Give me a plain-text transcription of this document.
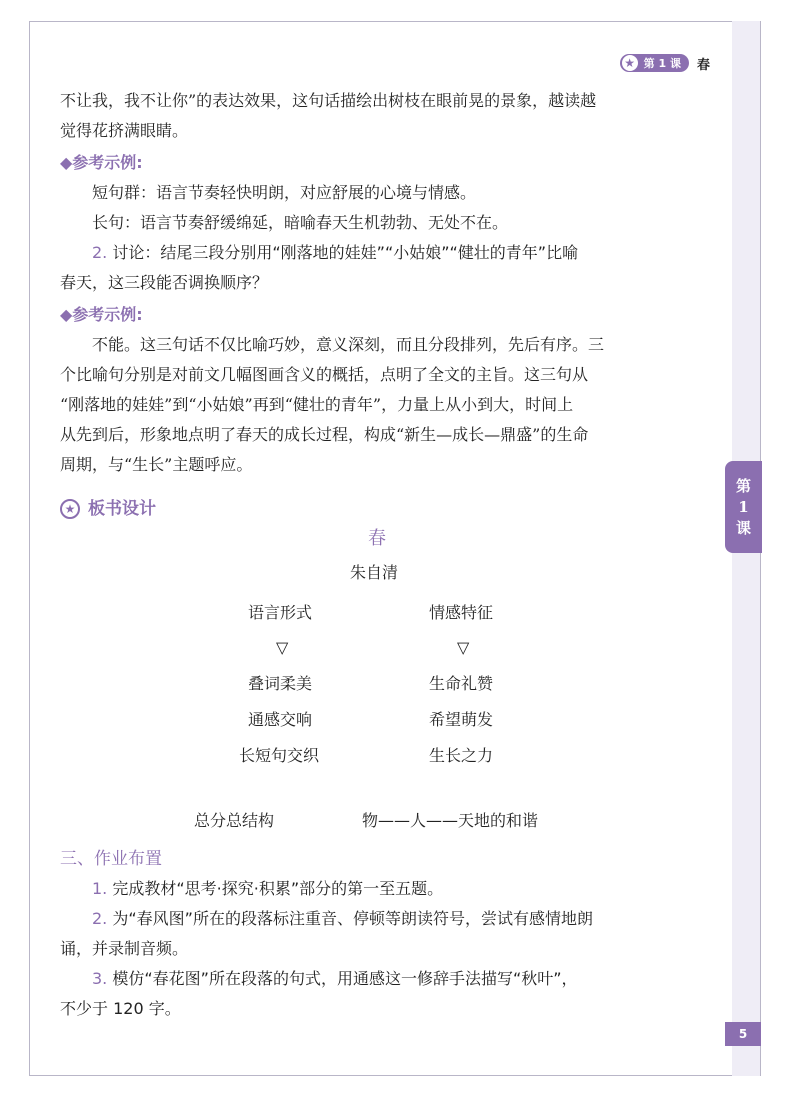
★ 第 1 课 春

不让我，我不让你”的表达效果，这句话描绘出树枝在眼前晃的景象，越读越

觉得花挤满眼睛。

◆参考示例:

短句群：语言节奏轻快明朗，对应舒展的心境与情感。

长句：语言节奏舒缓绵延，暗喻春天生机勃勃、无处不在。

2. 讨论：结尾三段分别用“刚落地的娃娃”“小姑娘”“健壮的青年”比喻

春天，这三段能否调换顺序？

◆参考示例:

不能。这三句话不仅比喻巧妙，意义深刻，而且分段排列，先后有序。三

个比喻句分别是对前文几幅图画含义的概括，点明了全文的主旨。这三句从

“刚落地的娃娃”到“小姑娘”再到“健壮的青年”，力量上从小到大，时间上

从先到后，形象地点明了春天的成长过程，构成“新生—成长—鼎盛”的生命

周期，与“生长”主题呼应。

★ 板书设计
春
朱自清
语言形式	情感特征
▽	▽
叠词柔美	生命礼赞
通感交响	希望萌发
长短句交织	生长之力
总分总结构	物——人——天地的和谐

三、作业布置

1. 完成教材“思考·探究·积累”部分的第一至五题。

2. 为“春风图”所在的段落标注重音、停顿等朗读符号，尝试有感情地朗

诵，并录制音频。

3. 模仿“春花图”所在段落的句式，用通感这一修辞手法描写“秋叶”，

不少于 120 字。

第
1
课
5
